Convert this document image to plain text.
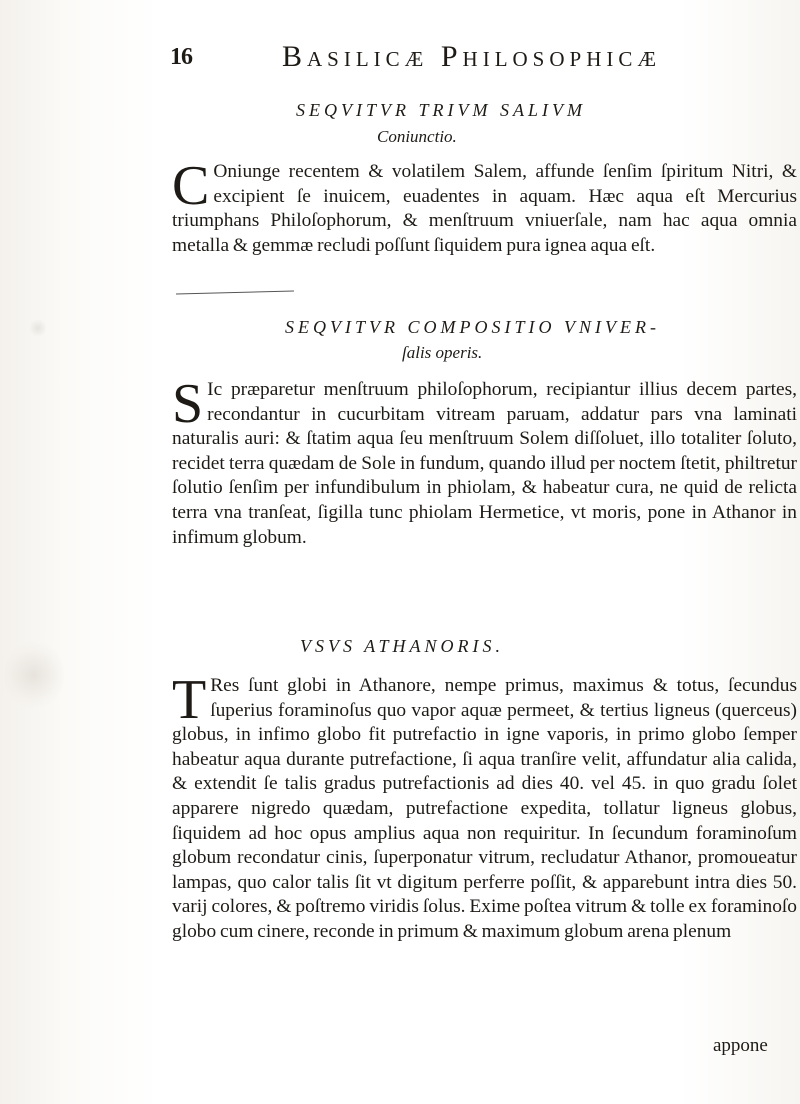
16	Basilicæ Philosophicæ
SEQVITVR TRIVM SALIVM
Coniunctio.
C Oniunge recentem & volatilem Salem, affunde ſenſim ſpiritum Nitri, & excipient ſe inuicem, euadentes in aquam. Hæc aqua eſt Mercurius triumphans Philoſophorum, & menſtruum vniuerſale, nam hac aqua omnia metalla & gemmæ recludi poſſunt ſiquidem pura ignea aqua eſt.
SEQVITVR COMPOSITIO VNIVER-
ſalis operis.
S Ic præparetur menſtruum philoſophorum, recipiantur illius decem partes, recondantur in cucurbitam vitream paruam, addatur pars vna laminati naturalis auri: & ſtatim aqua ſeu menſtruum Solem diſſoluet, illo totaliter ſoluto, recidet terra quædam de Sole in fundum, quando illud per noctem ſtetit, philtretur ſolutio ſenſim per infundibulum in phiolam, & habeatur cura, ne quid de relicta terra vna tranſeat, ſigilla tunc phiolam Hermetice, vt moris, pone in Athanor in infimum globum.
VSVS ATHANORIS.
T Res ſunt globi in Athanore, nempe primus, maximus & totus, ſecundus ſuperius foraminoſus quo vapor aquæ permeet, & tertius ligneus (querceus) globus, in infimo globo fit putrefactio in igne vaporis, in primo globo ſemper habeatur aqua durante putrefactione, ſi aqua tranſire velit, affundatur alia calida, & extendit ſe talis gradus putrefactionis ad dies 40. vel 45. in quo gradu ſolet apparere nigredo quædam, putrefactione expedita, tollatur ligneus globus, ſiquidem ad hoc opus amplius aqua non requiritur. In ſecundum foraminoſum globum recondatur cinis, ſuperponatur vitrum, recludatur Athanor, promoueatur lampas, quo calor talis ſit vt digitum perferre poſſit, & apparebunt intra dies 50. varij colores, & poſtremo viridis ſolus. Exime poſtea vitrum & tolle ex foraminoſo globo cum cinere, reconde in primum & maximum globum arena plenum
appone
